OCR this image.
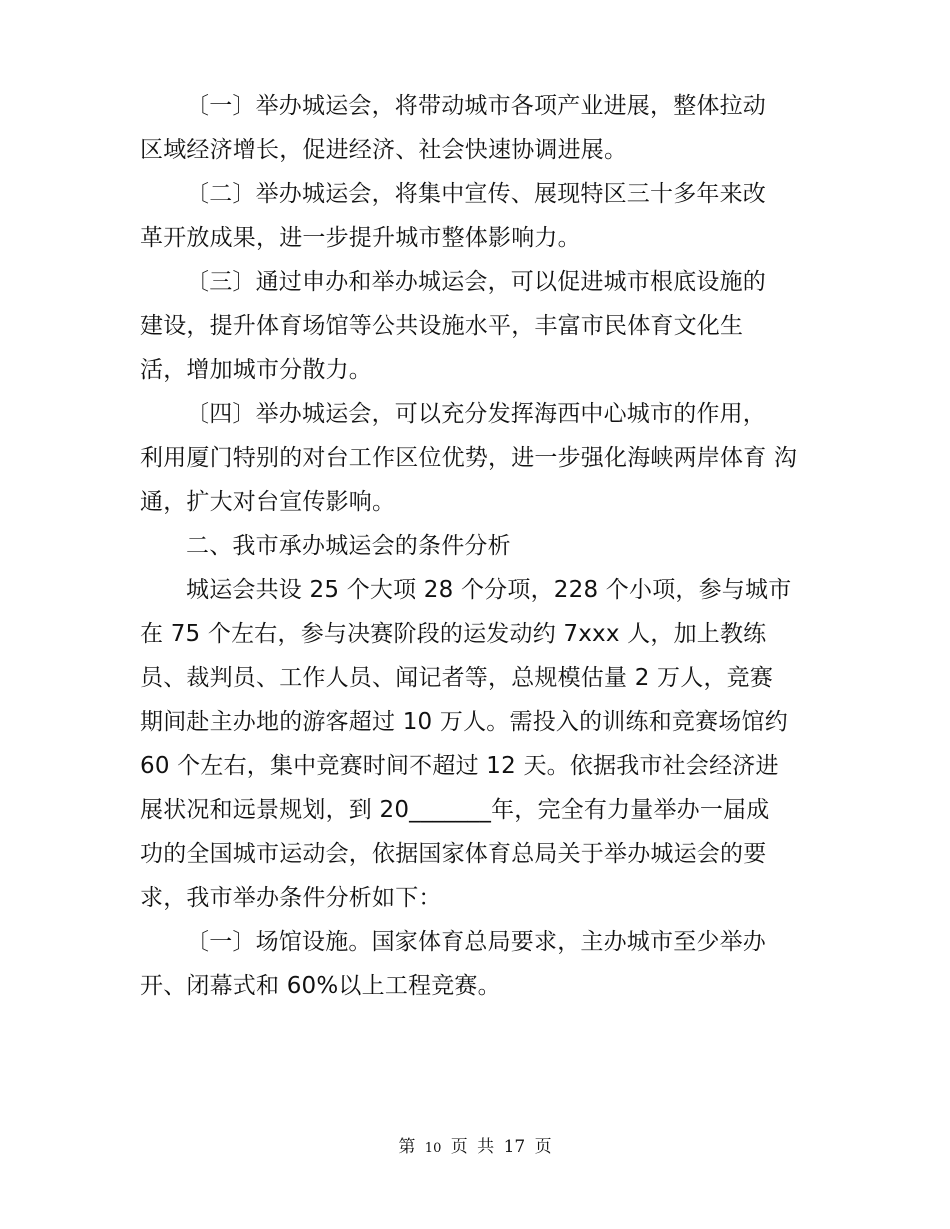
〔一〕举办城运会，将带动城市各项产业进展，整体拉动
区域经济增长，促进经济、社会快速协调进展。
〔二〕举办城运会，将集中宣传、展现特区三十多年来改
革开放成果，进一步提升城市整体影响力。
〔三〕通过申办和举办城运会，可以促进城市根底设施的
建设，提升体育场馆等公共设施水平，丰富市民体育文化生
活，增加城市分散力。
〔四〕举办城运会，可以充分发挥海西中心城市的作用，
利用厦门特别的对台工作区位优势，进一步强化海峡两岸体育 沟
通，扩大对台宣传影响。
二、我市承办城运会的条件分析
城运会共设 25 个大项 28 个分项，228 个小项，参与城市
在 75 个左右，参与决赛阶段的运发动约 7xxx 人，加上教练
员、裁判员、工作人员、闻记者等，总规模估量 2 万人，竞赛
期间赴主办地的游客超过 10 万人。需投入的训练和竞赛场馆约
60 个左右，集中竞赛时间不超过 12 天。依据我市社会经济进
展状况和远景规划，到 20_______年，完全有力量举办一届成
功的全国城市运动会，依据国家体育总局关于举办城运会的要
求，我市举办条件分析如下：
〔一〕场馆设施。国家体育总局要求，主办城市至少举办
开、闭幕式和 60%以上工程竞赛。
第 10 页 共 17 页
